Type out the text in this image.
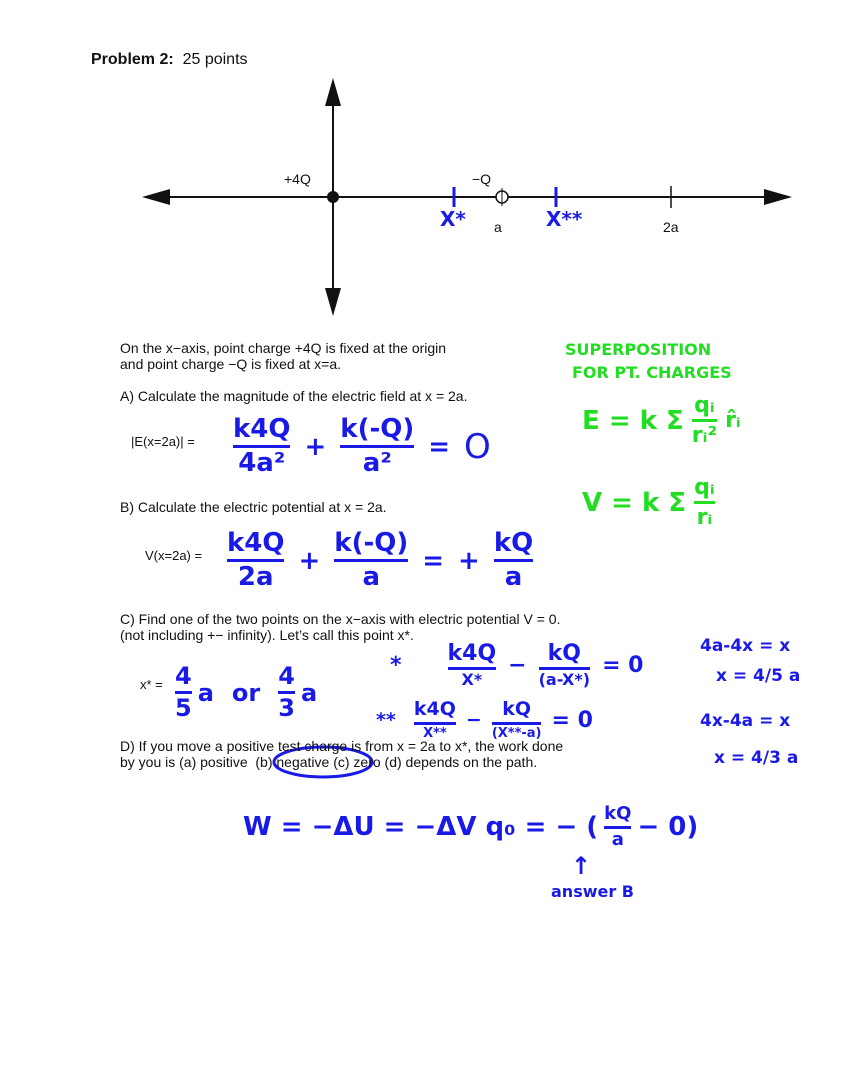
Problem 2: 25 points
+4Q	−Q
a	2a
X*	X**
On the x−axis, point charge +4Q is fixed at the origin
and point charge −Q is fixed at x=a.
A) Calculate the magnitude of the electric field at x = 2a.
$|E(x=2a)| = \frac{k4Q}{\text{4a²}} + \frac{k(-Q)}{\text{a²}} = O$
B) Calculate the electric potential at x = 2a.
$V(x=2a) = \frac{k4Q}{2a} + \frac{k(-Q)}{a}$ = + $\frac{kQ}{a}$
C) Find one of the two points on the x−axis with electric potential V = 0.
(not including +− infinity). Let’s call this point x*.
$x* = \frac{4}{5}$ a or $\frac{4}{3}$ a
* $\frac{k4Q}{X*} - \frac{kQ}{(a-X*)} = 0$
** $\frac{k4Q}{X**} - \frac{kQ}{(X**-a)} = 0$
4a-4x = x
x = 4/5 a
4x-4a = x
x = 4/3 a
D) If you move a positive test charge is from x = 2a to x*, the work done
by you is (a) positive (b) negative (c) zero (d) depends on the path.
W = −ΔU = −ΔV q₀ = − ( $\frac{kQ}{a} - 0$)
↑
answer B
SUPERPOSITION
FOR PT. CHARGES
E = k Σ $\frac{\text{qᵢ}}{\text{rᵢ²}}$ r̂ᵢ
V = k Σ $\frac{\text{qᵢ}}{\text{rᵢ}}$
